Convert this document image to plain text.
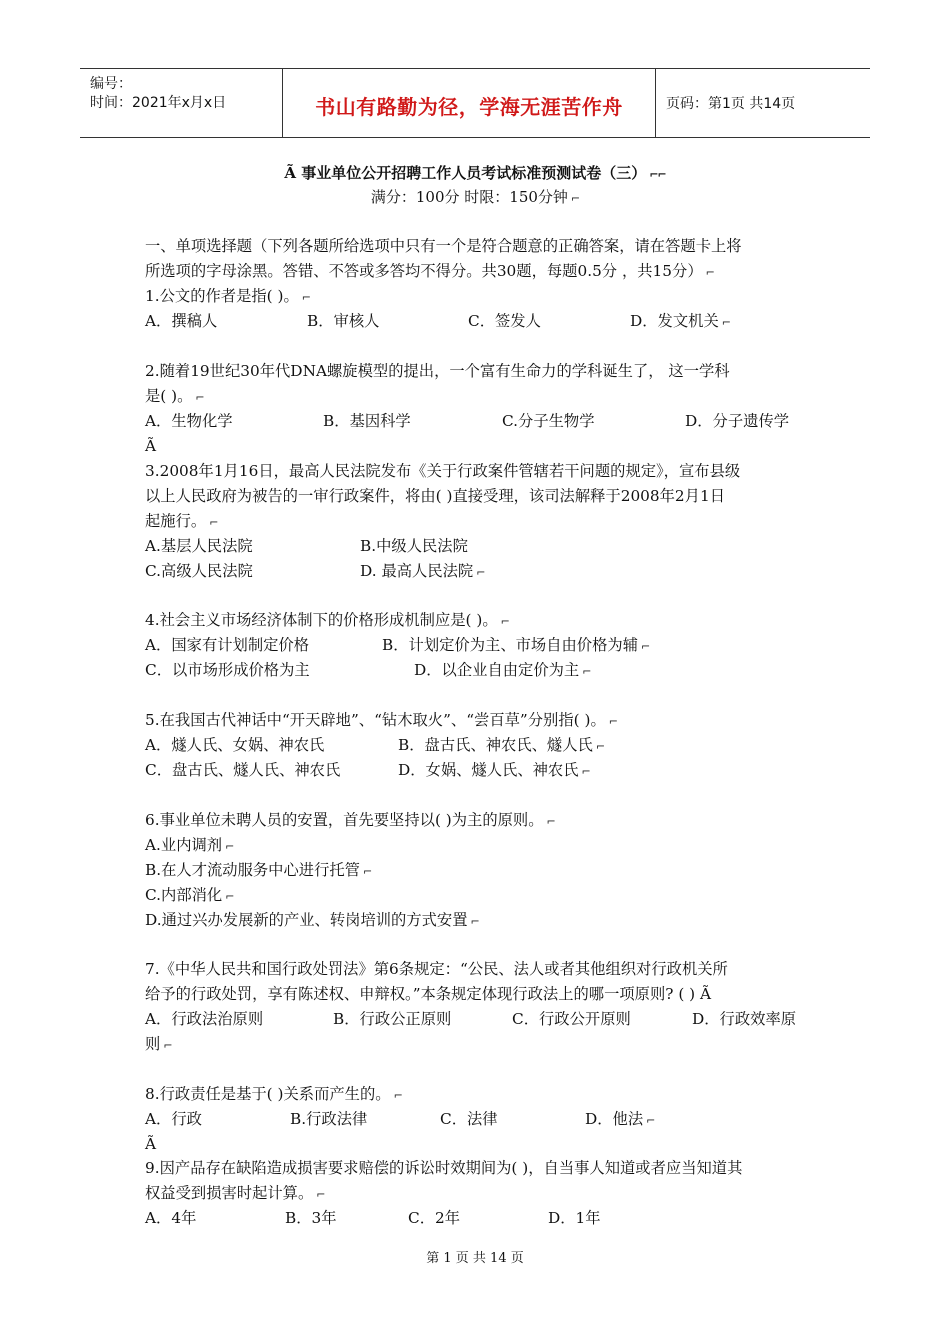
编号：
时间：2021年x月x日	书山有路勤为径，学海无涯苦作舟	页码：第1页 共14页
Ã 事业单位公开招聘工作人员考试标准预测试卷（三） ⌐⌐
满分：100分 时限：150分钟 ⌐
一、单项选择题（下列各题所给选项中只有一个是符合题意的正确答案，请在答题卡上将
所选项的字母涂黑。答错、不答或多答均不得分。共30题，每题0.5分 ，共15分） ⌐
1.公文的作者是指( )。 ⌐
A．撰稿人	B．审核人	C．签发人	D．发文机关 ⌐
2.随着19世纪30年代DNA螺旋模型的提出，一个富有生命力的学科诞生了， 这一学科
是( )。 ⌐
A．生物化学	B．基因科学	C.分子生物学	D．分子遗传学
Ã
3.2008年1月16日，最高人民法院发布《关于行政案件管辖若干问题的规定》，宣布县级
以上人民政府为被告的一审行政案件，将由( )直接受理，该司法解释于2008年2月1日
起施行。 ⌐
A.基层人民法院	B.中级人民法院
C.高级人民法院	D. 最高人民法院 ⌐
4.社会主义市场经济体制下的价格形成机制应是( )。 ⌐
A．国家有计划制定价格	B．计划定价为主、市场自由价格为辅 ⌐
C．以市场形成价格为主	D．以企业自由定价为主 ⌐
5.在我国古代神话中“开天辟地”、“钻木取火”、“尝百草”分别指( )。 ⌐
A．燧人氏、女娲、神农氏	B．盘古氏、神农氏、燧人氏 ⌐
C．盘古氏、燧人氏、神农氏	D．女娲、燧人氏、神农氏 ⌐
6.事业单位未聘人员的安置，首先要坚持以( )为主的原则。 ⌐
A.业内调剂 ⌐
B.在人才流动服务中心进行托管 ⌐
C.内部消化 ⌐
D.通过兴办发展新的产业、转岗培训的方式安置 ⌐
7.《中华人民共和国行政处罚法》第6条规定：“公民、法人或者其他组织对行政机关所
给予的行政处罚，享有陈述权、申辩权。”本条规定体现行政法上的哪一项原则? ( ) Ã
A．行政法治原则	B．行政公正原则	C．行政公开原则	D．行政效率原
则 ⌐
8.行政责任是基于( )关系而产生的。 ⌐
A．行政	B.行政法律	C．法律	D．他法 ⌐
Ã
9.因产品存在缺陷造成损害要求赔偿的诉讼时效期间为( )，自当事人知道或者应当知道其
权益受到损害时起计算。 ⌐
A．4年	B．3年	C．2年	D．1年
第 1 页 共 14 页
